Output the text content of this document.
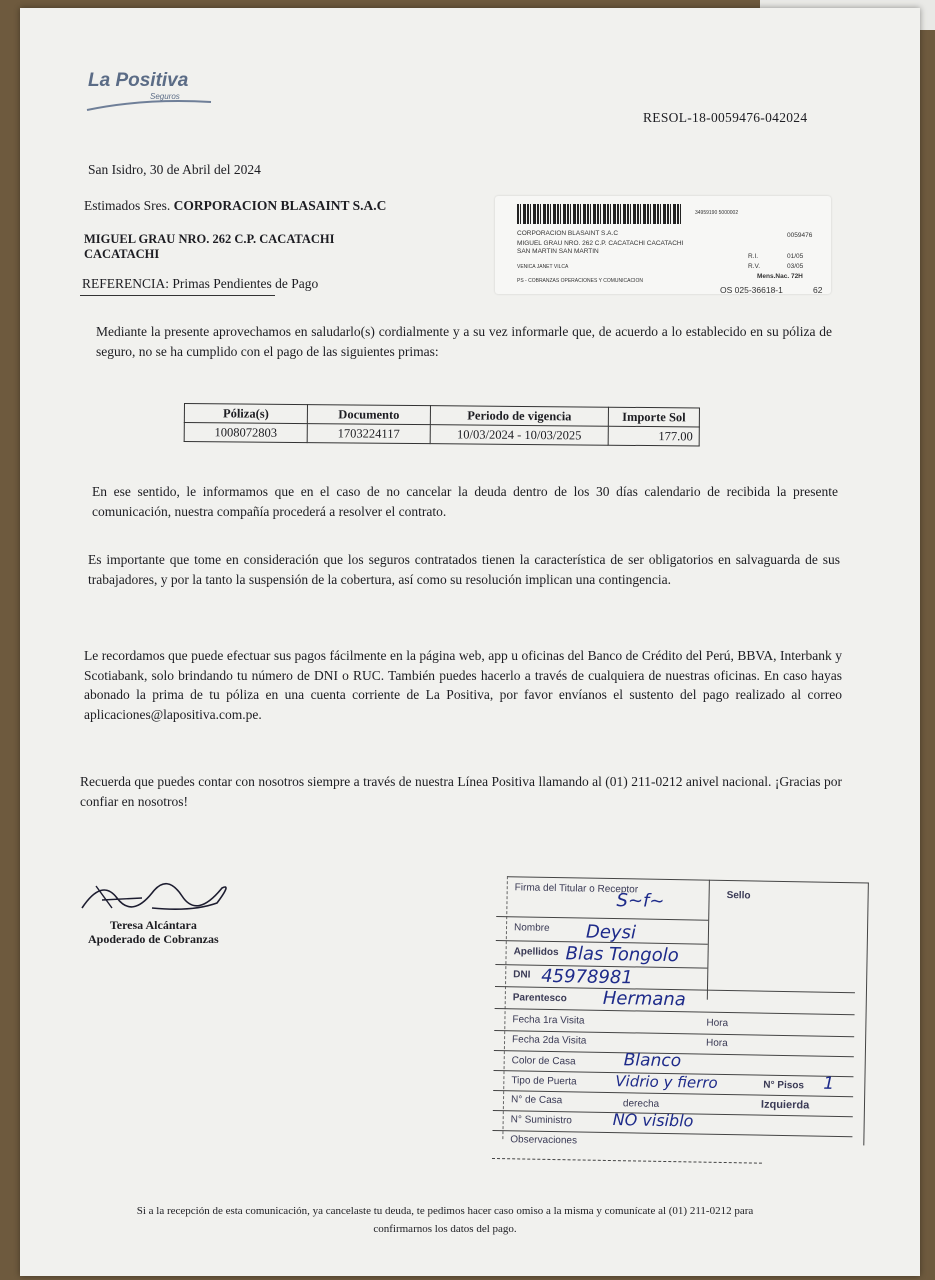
La Positiva
Seguros
RESOL-18-0059476-042024
San Isidro, 30 de Abril del 2024
Estimados Sres. CORPORACION BLASAINT S.A.C
MIGUEL GRAU NRO. 262 C.P. CACATACHI CACATACHI
REFERENCIA: Primas Pendientes de Pago
34959190 5000002
CORPORACION BLASAINT S.A.C
MIGUEL GRAU NRO. 262 C.P. CACATACHI CACATACHI
SAN MARTIN SAN MARTIN
VENICA JANET VILCA
PS - COBRANZAS OPERACIONES Y COMUNICACION
0059476
R.I.	01/05
R.V.	03/05
Mens.Nac. 72H
OS 025-36618-1	62
Mediante la presente aprovechamos en saludarlo(s) cordialmente y a su vez informarle que, de acuerdo a lo establecido en su póliza de seguro, no se ha cumplido con el pago de las siguientes primas:
Póliza(s)	Documento	Periodo de vigencia	Importe Sol
1008072803	1703224117	10/03/2024 - 10/03/2025	177.00
En ese sentido, le informamos que en el caso de no cancelar la deuda dentro de los 30 días calendario de recibida la presente comunicación, nuestra compañía procederá a resolver el contrato.
Es importante que tome en consideración que los seguros contratados tienen la característica de ser obligatorios en salvaguarda de sus trabajadores, y por la tanto la suspensión de la cobertura, así como su resolución implican una contingencia.
Le recordamos que puede efectuar sus pagos fácilmente en la página web, app u oficinas del Banco de Crédito del Perú, BBVA, Interbank y Scotiabank, solo brindando tu número de DNI o RUC. También puedes hacerlo a través de cualquiera de nuestras oficinas. En caso hayas abonado la prima de tu póliza en una cuenta corriente de La Positiva, por favor envíanos el sustento del pago realizado al correo aplicaciones@lapositiva.com.pe.
Recuerda que puedes contar con nosotros siempre a través de nuestra Línea Positiva llamando al (01) 211-0212 anivel nacional. ¡Gracias por confiar en nosotros!
Teresa Alcántara
Apoderado de Cobranzas
Firma del Titular o Receptor
Sello
S~f~
Nombre Deysi
Apellidos Blas Tongolo
DNI 45978981
Parentesco Hermana
Fecha 1ra Visita	Hora
Fecha 2da Visita	Hora
Color de Casa	Blanco
Tipo de Puerta	Vidrio y fierro	N° Pisos 1
N° de Casa	derecha	Izquierda
N° Suministro	NO visiblo
Observaciones
Si a la recepción de esta comunicación, ya cancelaste tu deuda, te pedimos hacer caso omiso a la misma y comunícate al (01) 211-0212 para confirmarnos los datos del pago.
